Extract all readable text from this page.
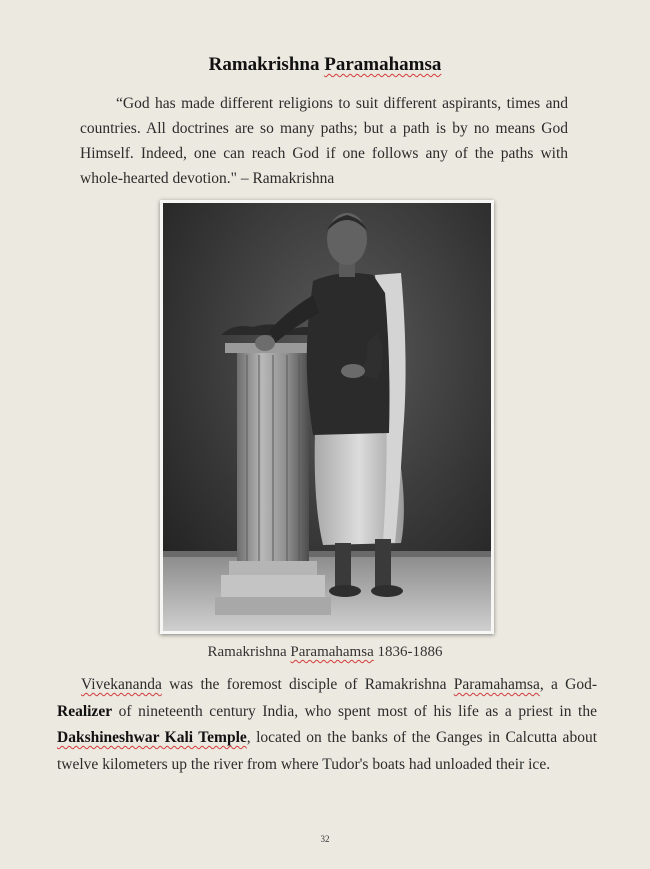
Ramakrishna Paramahamsa

“God has made different religions to suit different aspirants, times and countries. All doctrines are so many paths; but a path is by no means God Himself. Indeed, one can reach God if one follows any of the paths with whole-hearted devotion." – Ramakrishna

Ramakrishna Paramahamsa 1836-1886

Vivekananda was the foremost disciple of Ramakrishna Paramahamsa, a God-Realizer of nineteenth century India, who spent most of his life as a priest in the Dakshineshwar Kali Temple, located on the banks of the Ganges in Calcutta about twelve kilometers up the river from where Tudor's boats had unloaded their ice.

32
